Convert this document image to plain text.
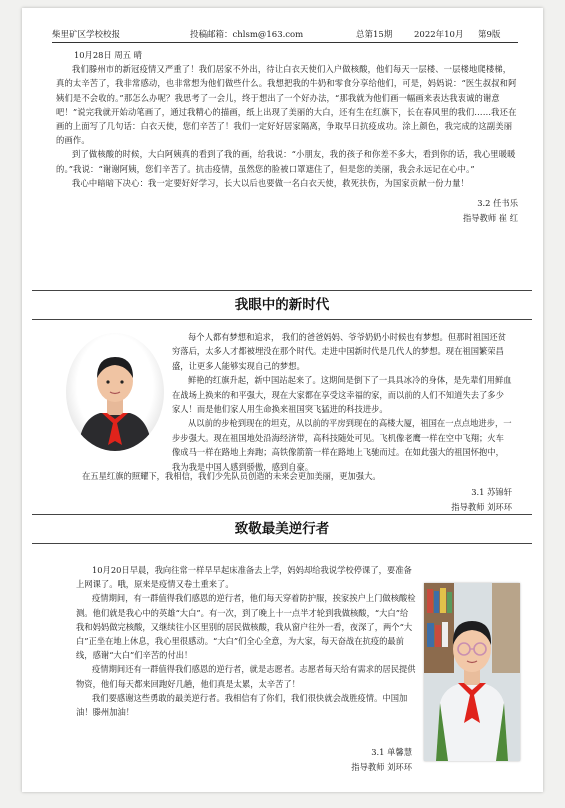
柴里矿区学校校报	投稿邮箱：chlsm@163.com	总第15期	2022年10月 第9版

10月28日 周五 晴

我们滕州市的新冠疫情又严重了！我们居家不外出，待让白衣天使们入户做核酸，他们每天一层楼、一层楼地爬楼梯，真的太辛苦了，我非常感动，也非常想为他们做些什么。我想把我的牛奶和零食分享给他们，可是，妈妈说：“医生叔叔和阿姨们是不会收的。”那怎么办呢？我思考了一会儿，终于想出了一个好办法，“那我就为他们画一幅画来表达我衷诚的谢意吧！”说完我就开始动笔画了，通过我精心的描画，纸上出现了美丽的大白，还有生在红旗下，长在春风里的我们……我还在画的上面写了几句话：白衣天使，您们辛苦了！我们一定好好居家隔离，争取早日抗疫成功。涂上颜色，我完成的这副美丽的画作。

到了做核酸的时候，大白阿姨真的看到了我的画，给我说：“小朋友，我的孩子和你差不多大，看到你的话，我心里暖暖的。”我说：“谢谢阿姨，您们辛苦了。抗击疫情，虽然您的脸被口罩遮住了，但是您的美丽，我会永远记在心中。”

我心中暗暗下决心：我一定要好好学习，长大以后也要做一名白衣天使，救死扶伤，为国家贡献一份力量！

3.2 任书乐

指导教师 崔 红

我眼中的新时代

每个人都有梦想和追求， 我们的爸爸妈妈、爷爷奶奶小时候也有梦想。但那时祖国还贫穷落后，太多人才都被埋没在那个时代。走进中国新时代是几代人的梦想。现在祖国繁荣昌盛，让更多人能够实现自己的梦想。

鲜艳的红旗升起，新中国站起来了。这期间是倒下了一具具冰冷的身体，是先辈们用鲜血在战场上换来的和平强大，现在大家都在享受这幸福的家，而以前的人们不知道失去了多少家人！而是他们家人用生命换来祖国突飞猛进的科技进步。

从以前的步枪到现在的坦克，从以前的平房到现在的高楼大厦，祖国在一点点地进步，一步步强大。现在祖国地处沿海经济带，高科技随处可见。飞机像老鹰一样在空中飞翔；火车像成马一样在路地上奔跑；高铁像箭箭一样在路地上飞驰而过。在如此强大的祖国怀抱中，我为我是中国人感到骄傲，感到自豪。

在五星红旗的照耀下，我相信，我们少先队员创造的未来会更加美丽，更加强大。

3.1 苏锦轩

指导教师 刘环环

致敬最美逆行者

10月20日早晨，我向往常一样早早起床准备去上学，妈妈却给我说学校停课了，要准备上网课了。哦，原来是疫情又卷土重来了。

疫情期间，有一群值得我们感恩的逆行者，他们每天穿着防护服，挨家挨户上门做核酸检测。他们就是我心中的英雄“大白”。有一次，到了晚上十一点半才轮到我做核酸，“大白”给我和妈妈做完核酸，又继续往小区里别的居民做核酸，我从窗户往外一看，夜深了，两个“大白”正坐在地上休息，我心里很感动。“大白”们全心全意，为大家，每天奋战在抗疫的最前线，感谢“大白”们辛苦的付出！

疫情期间还有一群值得我们感恩的逆行者，就是志愿者。志愿者每天给有需求的居民提供物资，他们每天都来回跑好几趟，他们真是太累，太辛苦了！

我们要感谢这些勇敢的最美逆行者。我相信有了你们，我们很快就会战胜疫情。中国加油！滕州加油！

3.1 单馨慧

指导教师 刘环环
